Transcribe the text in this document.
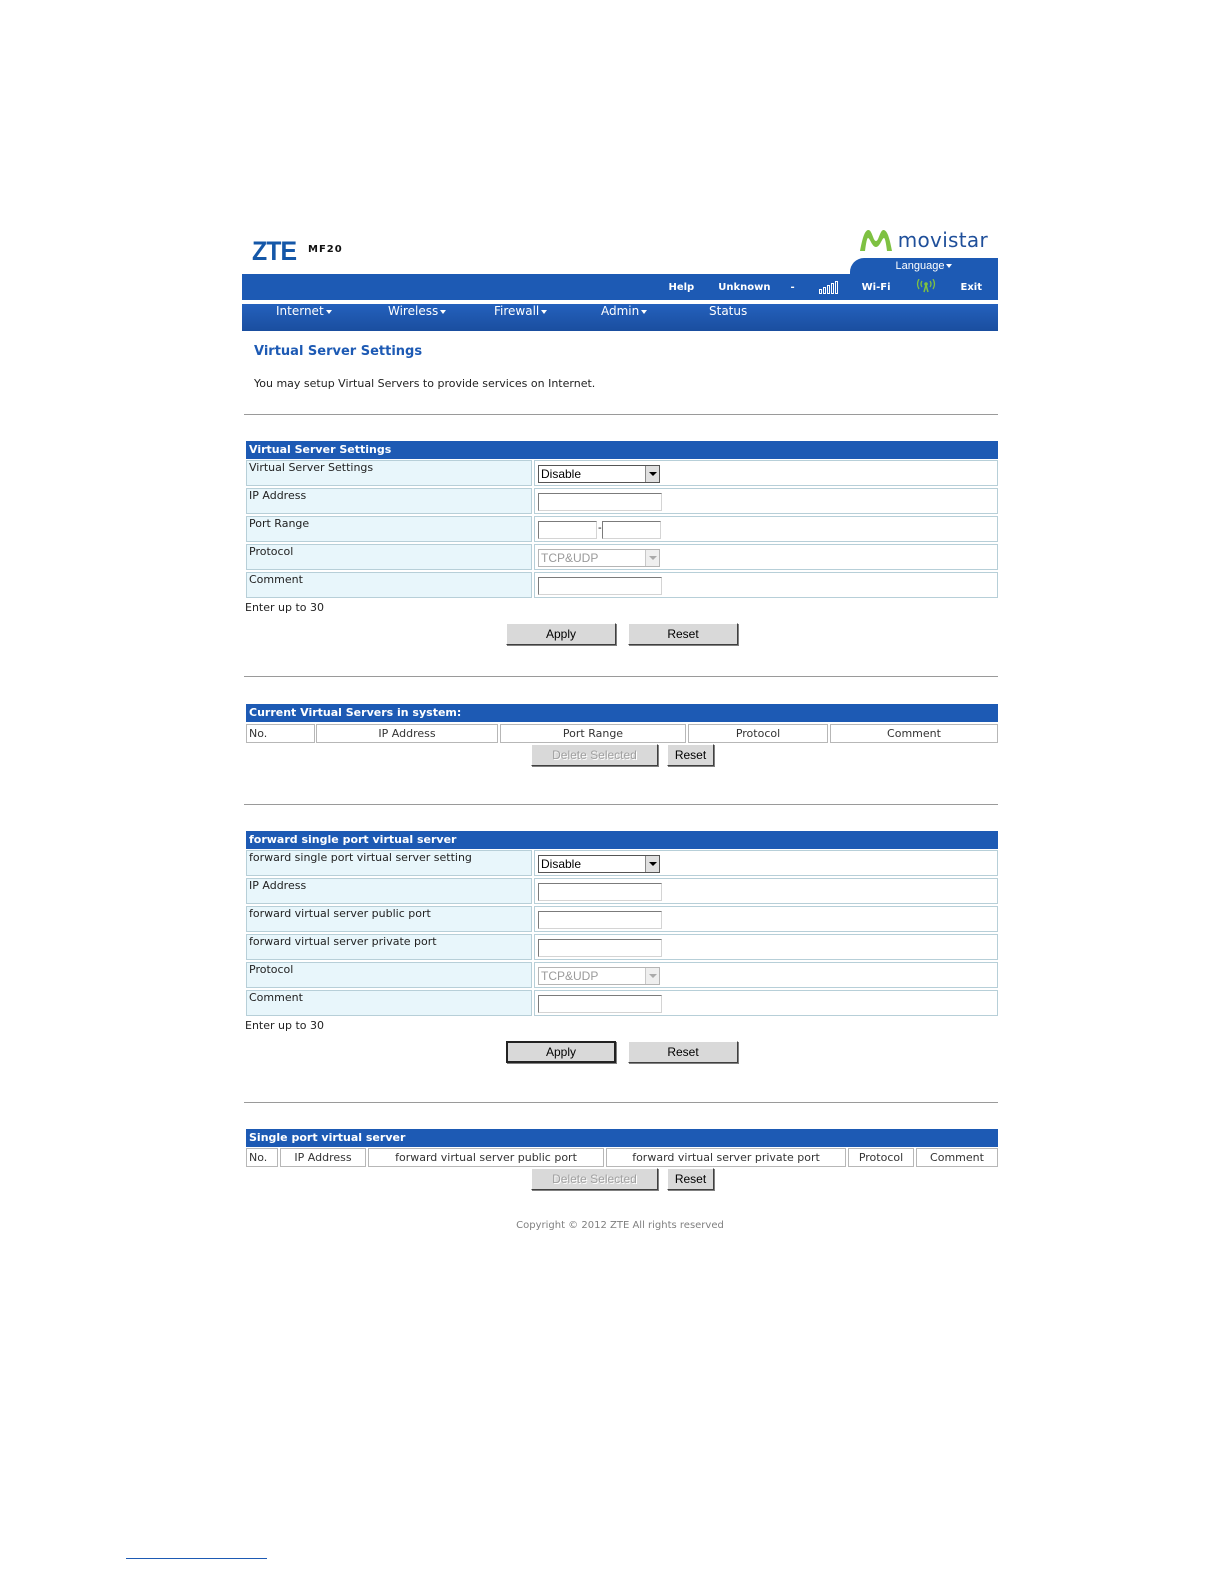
ZTE MF20	movistar
Language
Help Unknown -	Wi-Fi	Exit
Internet	Wireless	Firewall	Admin	Status
Virtual Server Settings
You may setup Virtual Servers to provide services on Internet.
Virtual Server Settings
Virtual Server Settings	Disable
IP Address
Port Range	-
Protocol	TCP&UDP
Comment
Enter up to 30
Apply	Reset
Current Virtual Servers in system:
No.	IP Address	Port Range	Protocol	Comment
Delete Selected	Reset
forward single port virtual server
forward single port virtual server setting	Disable
IP Address
forward virtual server public port
forward virtual server private port
Protocol	TCP&UDP
Comment
Enter up to 30
Apply	Reset
Single port virtual server
No.	IP Address	forward virtual server public port	forward virtual server private port	Protocol	Comment
Delete Selected	Reset
Copyright © 2012 ZTE All rights reserved
